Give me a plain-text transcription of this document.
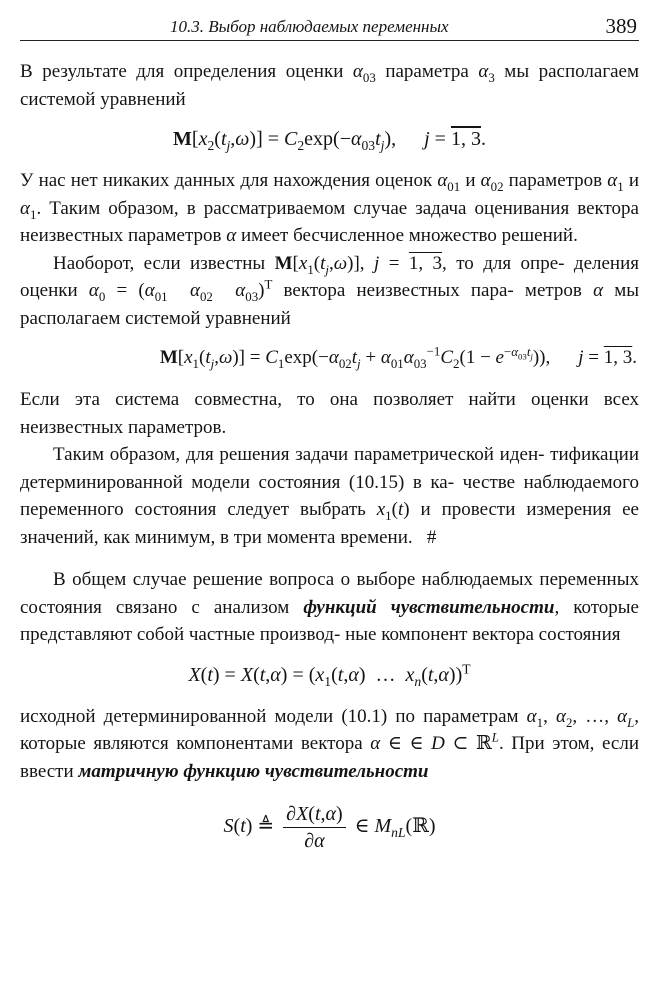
10.3. Выбор наблюдаемых переменных	389

В результате для определения оценки $\alpha_{03}$ параметра $\alpha_3$ мы располагаем системой уравнений

$M[x_2(t_j,\omega)] = C_2\exp(-\alpha_{03}t_j)$, j = 1, 3.

У нас нет никаких данных для нахождения оценок $\alpha_{01}$ и $\alpha_{02}$ параметров $\alpha_1$ и $\alpha_1$. Таким образом, в рассматриваемом случае задача оценивания вектора неизвестных параметров α имеет бесчисленное множество решений.

Наоборот, если известны $M[x_1(t_j,\omega)]$, j = 1, 3, то для опре- деления оценки $\alpha_0 = (\alpha_{01}$ $\alpha_{02}$ $\alpha_{03})^T$ вектора неизвестных пара- метров α мы располагаем системой уравнений

$M[x_1(t_j,\omega)] = C_1\exp(-\alpha_{02}t_j + \alpha_{01}\alpha_{03}^{-1}C_2(1 - e^{-\alpha_{03}t_j}))$, j = 1, 3.

Если эта система совместна, то она позволяет найти оценки всех неизвестных параметров.

Таким образом, для решения задачи параметрической иден- тификации детерминированной модели состояния (10.15) в ка- честве наблюдаемого переменного состояния следует выбрать $x_1(t)$ и провести измерения ее значений, как минимум, в три момента времени.   #

В общем случае решение вопроса о выборе наблюдаемых переменных состояния связано с анализом функций чувствительности, которые представляют собой частные производ- ные компонент вектора состояния

$X(t) = X(t,\alpha) = (x_1(t,\alpha)$  …  $x_n(t,\alpha))^T$

исходной детерминированной модели (10.1) по параметрам $\alpha_1$, $\alpha_2$, …, $\alpha_L$, которые являются компонентами вектора α ∈ ∈ D ⊂ ℝ$^L$. При этом, если ввести матричную функцию чувствительности

S(t) ≜ $\frac{\partial X(t,\alpha)}{\partial\alpha}$ ∈ $M_{nL}(ℝ)$
